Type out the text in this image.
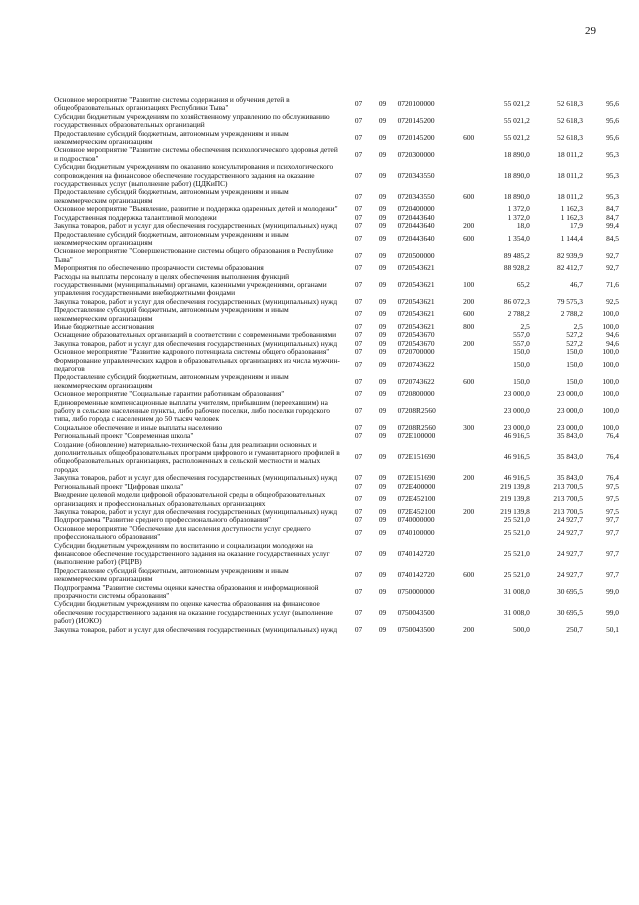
29
Основное мероприятие "Развитие системы содержания и обучения детей в общеобразовательных организациях Республики Тыва"	07	09	0720100000		55 021,2	52 618,3	95,6
Субсидии бюджетным учреждениям по хозяйственному управлению по обслуживанию государственных образовательных организаций	07	09	0720145200		55 021,2	52 618,3	95,6
Предоставление субсидий бюджетным, автономным учреждениям и иным некоммерческим организациям	07	09	0720145200	600	55 021,2	52 618,3	95,6
Основное мероприятие "Развитие системы обеспечения психологического здоровья детей и подростков"	07	09	0720300000		18 890,0	18 011,2	95,3
Субсидии бюджетным учреждениям по оказанию консультирования и психологического сопровождения на финансовое обеспечение государственного задания на оказание государственных услуг (выполнение работ) (ЦДКиПС)	07	09	0720343550		18 890,0	18 011,2	95,3
Предоставление субсидий бюджетным, автономным учреждениям и иным некоммерческим организациям	07	09	0720343550	600	18 890,0	18 011,2	95,3
Основное мероприятие "Выявление, развитие и поддержка одаренных детей и молодежи"	07	09	0720400000		1 372,0	1 162,3	84,7
Государственная поддержка талантливой молодежи	07	09	0720443640		1 372,0	1 162,3	84,7
Закупка товаров, работ и услуг для обеспечения государственных (муниципальных) нужд	07	09	0720443640	200	18,0	17,9	99,4
Предоставление субсидий бюджетным, автономным учреждениям и иным некоммерческим организациям	07	09	0720443640	600	1 354,0	1 144,4	84,5
Основное мероприятие "Совершенствование системы общего образования в Республике Тыва"	07	09	0720500000		89 485,2	82 939,9	92,7
Мероприятия по обеспечению прозрачности системы образования	07	09	0720543621		88 928,2	82 412,7	92,7
Расходы на выплаты персоналу в целях обеспечения выполнения функций государственными (муниципальными) органами, казенными учреждениями, органами управления государственными внебюджетными фондами	07	09	0720543621	100	65,2	46,7	71,6
Закупка товаров, работ и услуг для обеспечения государственных (муниципальных) нужд	07	09	0720543621	200	86 072,3	79 575,3	92,5
Предоставление субсидий бюджетным, автономным учреждениям и иным некоммерческим организациям	07	09	0720543621	600	2 788,2	2 788,2	100,0
Иные бюджетные ассигнования	07	09	0720543621	800	2,5	2,5	100,0
Оснащение образовательных организаций в соответствии с современными требованиями	07	09	0720543670		557,0	527,2	94,6
Закупка товаров, работ и услуг для обеспечения государственных (муниципальных) нужд	07	09	0720543670	200	557,0	527,2	94,6
Основное мероприятие "Развитие кадрового потенциала системы общего образования"	07	09	0720700000		150,0	150,0	100,0
Формирование управленческих кадров в образовательных организациях из числа мужчин-педагогов	07	09	0720743622		150,0	150,0	100,0
Предоставление субсидий бюджетным, автономным учреждениям и иным некоммерческим организациям	07	09	0720743622	600	150,0	150,0	100,0
Основное мероприятие "Социальные гарантии работникам образования"	07	09	0720800000		23 000,0	23 000,0	100,0
Единовременные компенсационные выплаты учителям, прибывшим (переехавшим) на работу в сельские населенные пункты, либо рабочие поселки, либо поселки городского типа, либо города с населением до 50 тысяч человек	07	09	07208R2560		23 000,0	23 000,0	100,0
Социальное обеспечение и иные выплаты населению	07	09	07208R2560	300	23 000,0	23 000,0	100,0
Региональный проект "Современная школа"	07	09	072E100000		46 916,5	35 843,0	76,4
Создание (обновление) материально-технической базы для реализации основных и дополнительных общеобразовательных программ цифрового и гуманитарного профилей в общеобразовательных организациях, расположенных в сельской местности и малых городах	07	09	072E151690		46 916,5	35 843,0	76,4
Закупка товаров, работ и услуг для обеспечения государственных (муниципальных) нужд	07	09	072E151690	200	46 916,5	35 843,0	76,4
Региональный проект "Цифровая школа"	07	09	072E400000		219 139,8	213 700,5	97,5
Внедрение целевой модели цифровой образовательной среды в общеобразовательных организациях и профессиональных образовательных организациях	07	09	072E452100		219 139,8	213 700,5	97,5
Закупка товаров, работ и услуг для обеспечения государственных (муниципальных) нужд	07	09	072E452100	200	219 139,8	213 700,5	97,5
Подпрограмма "Развитие среднего профессионального образования"	07	09	0740000000		25 521,0	24 927,7	97,7
Основное мероприятие "Обеспечение для населения доступности услуг среднего профессионального образования"	07	09	0740100000		25 521,0	24 927,7	97,7
Субсидии бюджетным учреждениям по воспитанию и социализации молодежи на финансовое обеспечение государственного задания на оказание государственных услуг (выполнение работ) (РЦРВ)	07	09	0740142720		25 521,0	24 927,7	97,7
Предоставление субсидий бюджетным, автономным учреждениям и иным некоммерческим организациям	07	09	0740142720	600	25 521,0	24 927,7	97,7
Подпрограмма "Развитие системы оценки качества образования и информационной прозрачности системы образования"	07	09	0750000000		31 008,0	30 695,5	99,0
Субсидии бюджетным учреждениям по оценке качества образования на финансовое обеспечение государственного задания на оказание государственных услуг (выполнение работ) (ИОКО)	07	09	0750043500		31 008,0	30 695,5	99,0
Закупка товаров, работ и услуг для обеспечения государственных (муниципальных) нужд	07	09	0750043500	200	500,0	250,7	50,1
